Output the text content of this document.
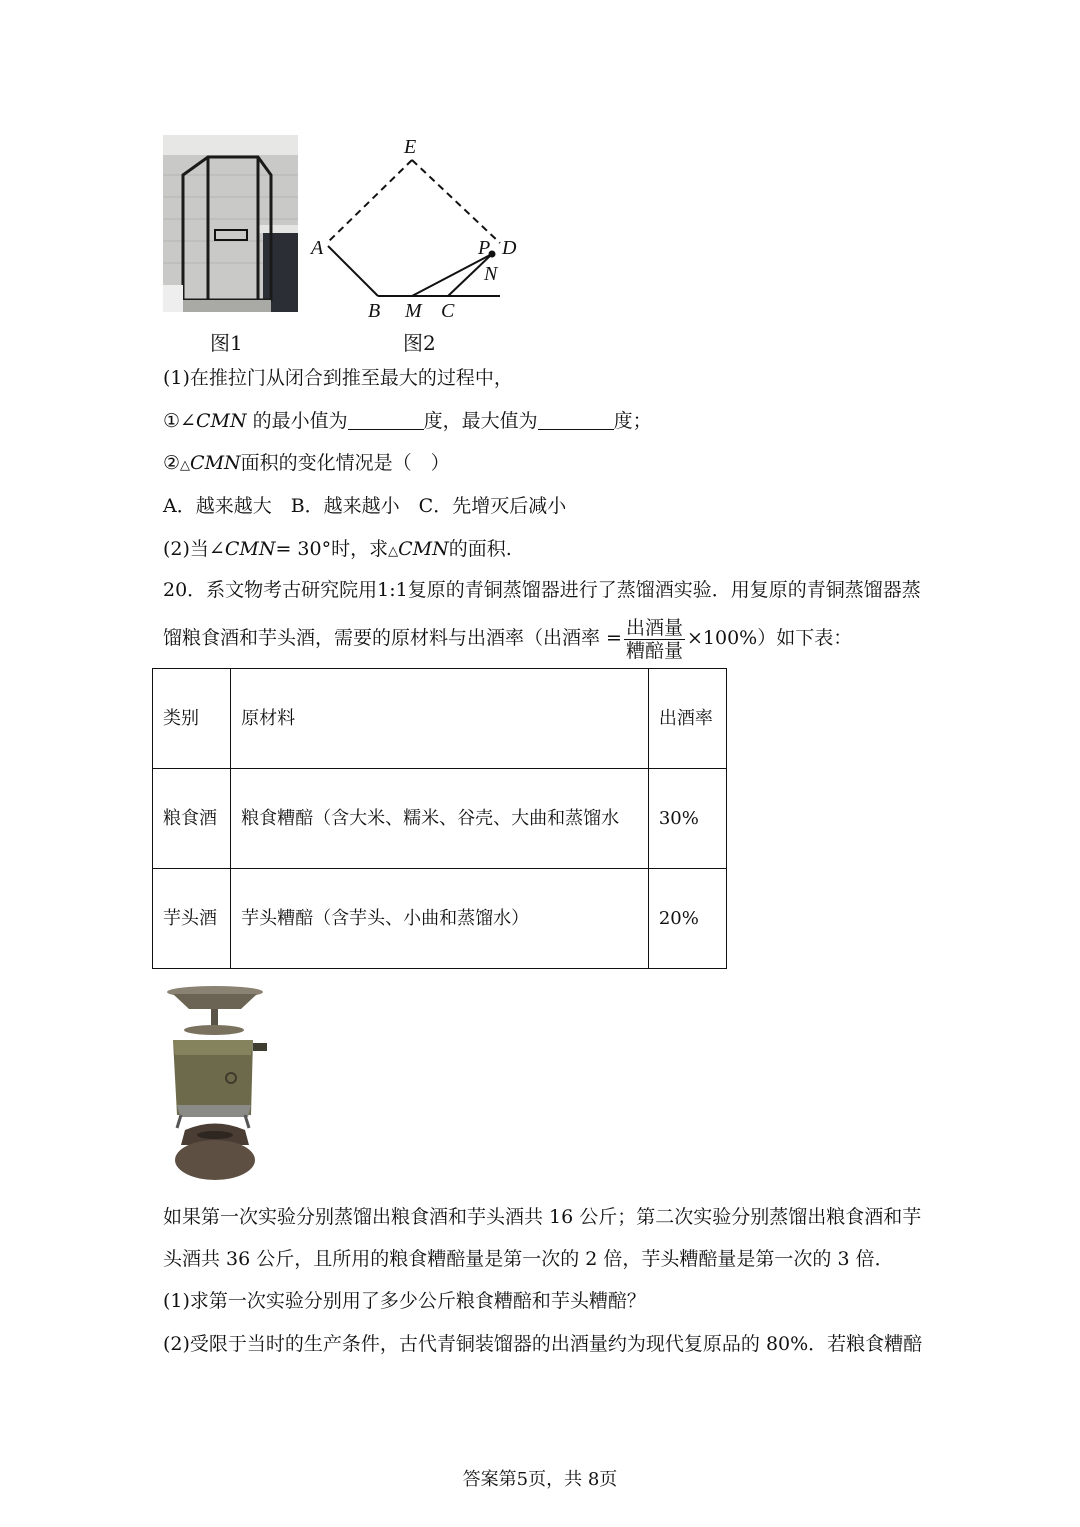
E
A	P D
N
B M C
图1	图2
(1)在推拉门从闭合到推至最大的过程中，
①∠CMN 的最小值为	度，最大值为	度；
②△CMN面积的变化情况是（　）
A．越来越大　B．越来越小　C．先增灭后减小
(2)当∠CMN= 30°时，求△CMN的面积.
20．系文物考古研究院用1:1复原的青铜蒸馏器进行了蒸馏酒实验．用复原的青铜蒸馏器蒸
馏粮食酒和芋头酒，需要的原材料与出酒率（出酒率 = $\frac{\text{出酒量}}{\text{糟醅量}} \times 100\%$）如下表：
类别	原材料	出酒率
粮食酒	粮食糟醅（含大米、糯米、谷壳、大曲和蒸馏水	30%
芋头酒	芋头糟醅（含芋头、小曲和蒸馏水）	20%
如果第一次实验分别蒸馏出粮食酒和芋头酒共 16 公斤；第二次实验分别蒸馏出粮食酒和芋
头酒共 36 公斤，且所用的粮食糟醅量是第一次的 2 倍，芋头糟醅量是第一次的 3 倍．
(1)求第一次实验分别用了多少公斤粮食糟醅和芋头糟醅？
(2)受限于当时的生产条件，古代青铜装馏器的出酒量约为现代复原品的 80%．若粮食糟醅
答案第5页，共 8页
